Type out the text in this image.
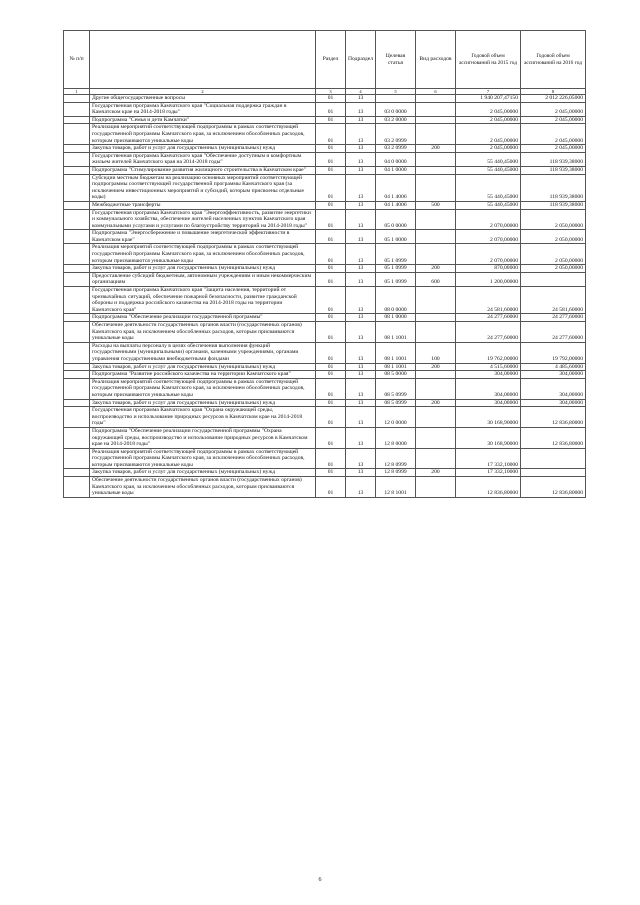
№ п/п		Раздел	Подраздел	Целевая статья	Вид расходов	Годовой объем ассигнований на 2015 год	Годовой объем ассигнований на 2016 год
1	2	3	4	5	6	7	8
	Другие общегосударственные вопросы	01	13			1 940 207,47150	2 012 226,05000
	Государственная программа Камчатского края "Социальная поддержка граждан в Камчатском крае на 2014-2018 годы"	01	13	03 0 0000		2 045,00000	2 045,00000
	Подпрограмма "Семья и дети Камчатки"	01	13	03 2 0000		2 045,00000	2 045,00000
	Реализация мероприятий соответствующей подпрограммы в рамках соответствующей государственной программы Камчатского края, за исключением обособленных расходов, которым присваиваются уникальные коды	01	13	03 2 0999		2 045,00000	2 045,00000
	Закупка товаров, работ и услуг для государственных (муниципальных) нужд	01	13	03 2 0999	200	2 045,00000	2 045,00000
	Государственная программа Камчатского края "Обеспечение доступным и комфортным жильем жителей Камчатского края на 2014-2018 годы"	01	13	04 0 0000		55 440,45000	118 939,38000
	Подпрограмма "Стимулирование развития жилищного строительства в Камчатском крае"	01	13	04 1 0000		55 440,45000	118 939,38000
	Субсидии местным бюджетам на реализацию основных мероприятий соответствующей подпрограммы соответствующей государственной программы Камчатского края (за исключением инвестиционных мероприятий и субсидий, которым присвоены отдельные коды)	01	13	04 1 4006		55 440,45000	118 939,38000
	Межбюджетные трансферты	01	13	04 1 4006	500	55 440,45000	118 939,38000
	Государственная программа Камчатского края "Энергоэффективность, развитие энергетики и коммунального хозяйства, обеспечение жителей населенных пунктов Камчатского края коммунальными услугами и услугами по благоустройству территорий на 2014-2018 годы"	01	13	05 0 0000		2 070,00000	2 050,00000
	Подпрограмма "Энергосбережение и повышение энергетической эффективности в Камчатском крае"	01	13	05 1 0000		2 070,00000	2 050,00000
	Реализация мероприятий соответствующей подпрограммы в рамках соответствующей государственной программы Камчатского края, за исключением обособленных расходов, которым присваиваются уникальные коды	01	13	05 1 0999		2 070,00000	2 050,00000
	Закупка товаров, работ и услуг для государственных (муниципальных) нужд	01	13	05 1 0999	200	870,00000	2 050,00000
	Предоставление субсидий бюджетным, автономным учреждениям и иным некоммерческим организациям	01	13	05 1 0999	600	1 200,00000	
	Государственная программа Камчатского края "Защита населения, территорий от чрезвычайных ситуаций, обеспечение пожарной безопасности, развитие гражданской обороны и поддержка российского казачества на 2014-2018 годы на территории Камчатского края"	01	13	08 0 0000		24 581,60000	24 581,60000
	Подпрограмма "Обеспечение реализации государственной программы"	01	13	08 1 0000		24 277,60000	24 277,60000
	Обеспечение деятельности государственных органов власти (государственных органов) Камчатского края, за исключением обособленных расходов, которым присваиваются уникальные коды	01	13	08 1 1001		24 277,60000	24 277,60000
	Расходы на выплаты персоналу в целях обеспечения выполнения функций государственными (муниципальными) органами, казенными учреждениями, органами управления государственными внебюджетными фондами	01	13	08 1 1001	100	19 762,00000	19 792,00000
	Закупка товаров, работ и услуг для государственных (муниципальных) нужд	01	13	08 1 1001	200	4 515,60000	4 485,60000
	Подпрограмма "Развитие российского казачества на территории Камчатского края"	01	13	08 5 0000		304,00000	304,00000
	Реализация мероприятий соответствующей подпрограммы в рамках соответствующей государственной программы Камчатского края, за исключением обособленных расходов, которым присваиваются уникальные коды	01	13	08 5 0999		304,00000	304,00000
	Закупка товаров, работ и услуг для государственных (муниципальных) нужд	01	13	08 5 0999	200	304,00000	304,00000
	Государственная программа Камчатского края "Охрана окружающей среды, воспроизводство и использование природных ресурсов в Камчатском крае на 2014-2018 годы"	01	13	12 0 0000		30 168,90000	12 836,80000
	Подпрограмма "Обеспечение реализации государственной программы "Охрана окружающей среды, воспроизводство и использование природных ресурсов в Камчатском крае на 2014-2018 годы"	01	13	12 8 0000		30 168,90000	12 836,80000
	Реализация мероприятий соответствующей подпрограммы в рамках соответствующей государственной программы Камчатского края, за исключением обособленных расходов, которым присваиваются уникальные коды	01	13	12 8 0999		17 332,10000	
	Закупка товаров, работ и услуг для государственных (муниципальных) нужд	01	13	12 8 0999	200	17 332,10000	
	Обеспечение деятельности государственных органов власти (государственных органов) Камчатского края, за исключением обособленных расходов, которым присваиваются уникальные коды	01	13	12 8 1001		12 836,80000	12 836,80000
6
